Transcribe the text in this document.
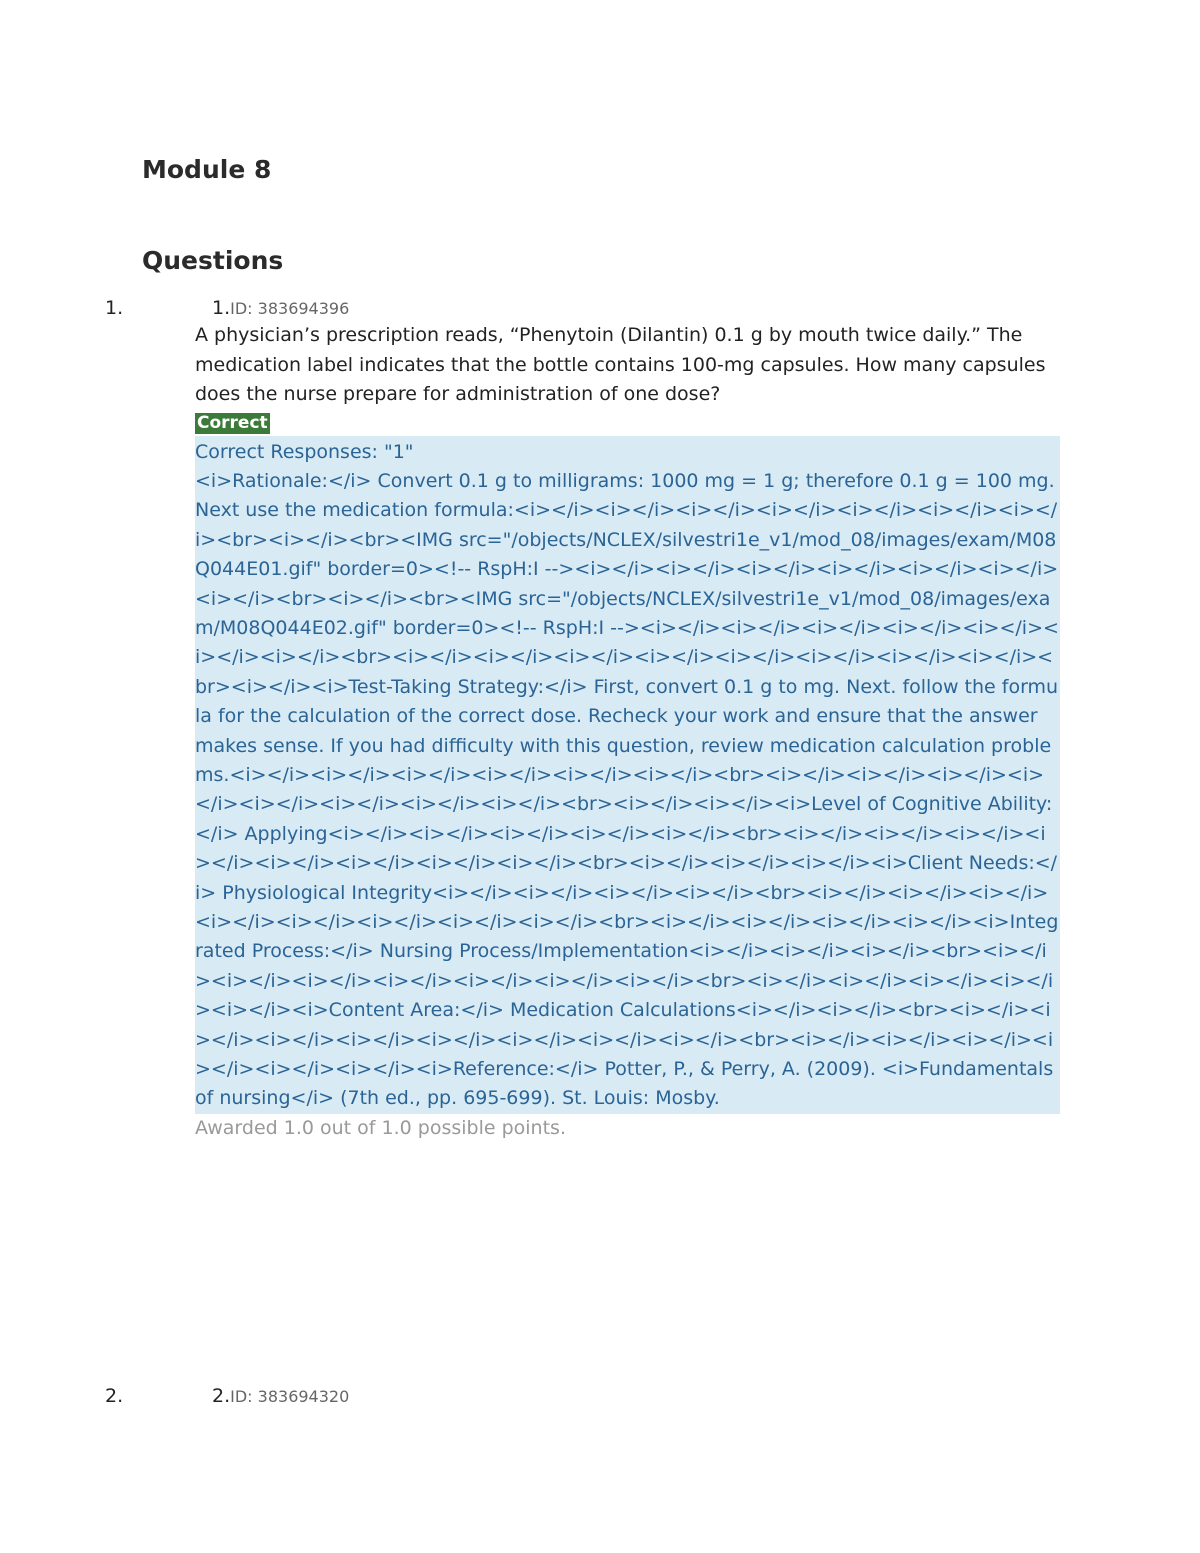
Module 8
Questions
1.	1.ID: 383694396

A physician’s prescription reads, “Phenytoin (Dilantin) 0.1 g by mouth twice daily.” The medication label indicates that the bottle contains 100-mg capsules. How many capsules does the nurse prepare for administration of one dose?

Correct

Correct Responses: "1"

<i>Rationale:</i> Convert 0.1 g to milligrams: 1000 mg = 1 g; therefore 0.1 g = 100 mg. Next use the medication formula:<i></i><i></i><i></i><i></i><i></i><i></i><i></i><br><i></i><br><IMG src="/objects/NCLEX/silvestri1e_v1/mod_08/images/exam/M08Q044E01.gif" border=0><!-- RspH:I --><i></i><i></i><i></i><i></i><i></i><i></i><i></i><br><i></i><br><IMG src="/objects/NCLEX/silvestri1e_v1/mod_08/images/exam/M08Q044E02.gif" border=0><!-- RspH:I --><i></i><i></i><i></i><i></i><i></i><i></i><i></i><br><i></i><i></i><i></i><i></i><i></i><i></i><i></i><i></i><br><i></i><i>Test-Taking Strategy:</i> First, convert 0.1 g to mg. Next. follow the formula for the calculation of the correct dose. Recheck your work and ensure that the answer makes sense. If you had difficulty with this question, review medication calculation problems.<i></i><i></i><i></i><i></i><i></i><i></i><br><i></i><i></i><i></i><i></i><i></i><i></i><i></i><i></i><br><i></i><i></i><i>Level of Cognitive Ability:</i> Applying<i></i><i></i><i></i><i></i><i></i><br><i></i><i></i><i></i><i></i><i></i><i></i><i></i><i></i><br><i></i><i></i><i></i><i>Client Needs:</i> Physiological Integrity<i></i><i></i><i></i><i></i><br><i></i><i></i><i></i><i></i><i></i><i></i><i></i><i></i><br><i></i><i></i><i></i><i></i><i>Integrated Process:</i> Nursing Process/Implementation<i></i><i></i><i></i><br><i></i><i></i><i></i><i></i><i></i><i></i><i></i><br><i></i><i></i><i></i><i></i><i></i><i>Content Area:</i> Medication Calculations<i></i><i></i><br><i></i><i></i><i></i><i></i><i></i><i></i><i></i><i></i><br><i></i><i></i><i></i><i></i><i></i><i></i><i>Reference:</i> Potter, P., & Perry, A. (2009). <i>Fundamentals of nursing</i> (7th ed., pp. 695-699). St. Louis: Mosby.

Awarded 1.0 out of 1.0 possible points.

2.	2.ID: 383694320
